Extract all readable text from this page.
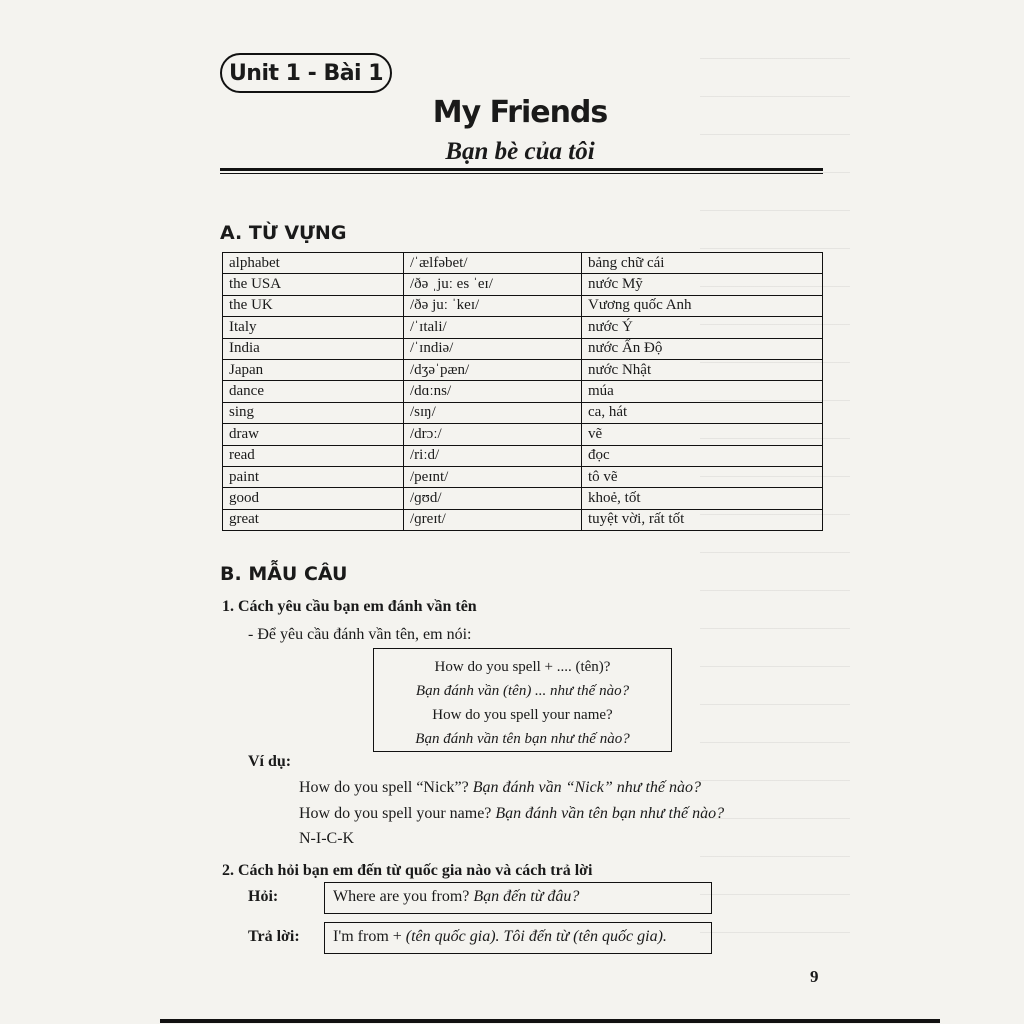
Unit 1 - Bài 1
My Friends
Bạn bè của tôi
A. TỪ VỰNG
alphabet	/ˈælfəbet/	bảng chữ cái
the USA	/ðə ˌjuː es ˈeɪ/	nước Mỹ
the UK	/ðə juː ˈkeɪ/	Vương quốc Anh
Italy	/ˈɪtali/	nước Ý
India	/ˈɪndiə/	nước Ấn Độ
Japan	/dʒəˈpæn/	nước Nhật
dance	/dɑːns/	múa
sing	/sɪŋ/	ca, hát
draw	/drɔː/	vẽ
read	/riːd/	đọc
paint	/peɪnt/	tô vẽ
good	/ɡʊd/	khoẻ, tốt
great	/ɡreɪt/	tuyệt vời, rất tốt
B. MẪU CÂU
1. Cách yêu cầu bạn em đánh vần tên
- Để yêu cầu đánh vần tên, em nói:
How do you spell + .... (tên)?
Bạn đánh vần (tên) ... như thế nào?
How do you spell your name?
Bạn đánh vần tên bạn như thế nào?
Ví dụ:
How do you spell “Nick”? Bạn đánh vần “Nick” như thế nào?
How do you spell your name? Bạn đánh vần tên bạn như thế nào?
N-I-C-K
2. Cách hỏi bạn em đến từ quốc gia nào và cách trả lời
Hỏi:	Where are you from? Bạn đến từ đâu?
Trả lời:	I'm from + (tên quốc gia). Tôi đến từ (tên quốc gia).
9
